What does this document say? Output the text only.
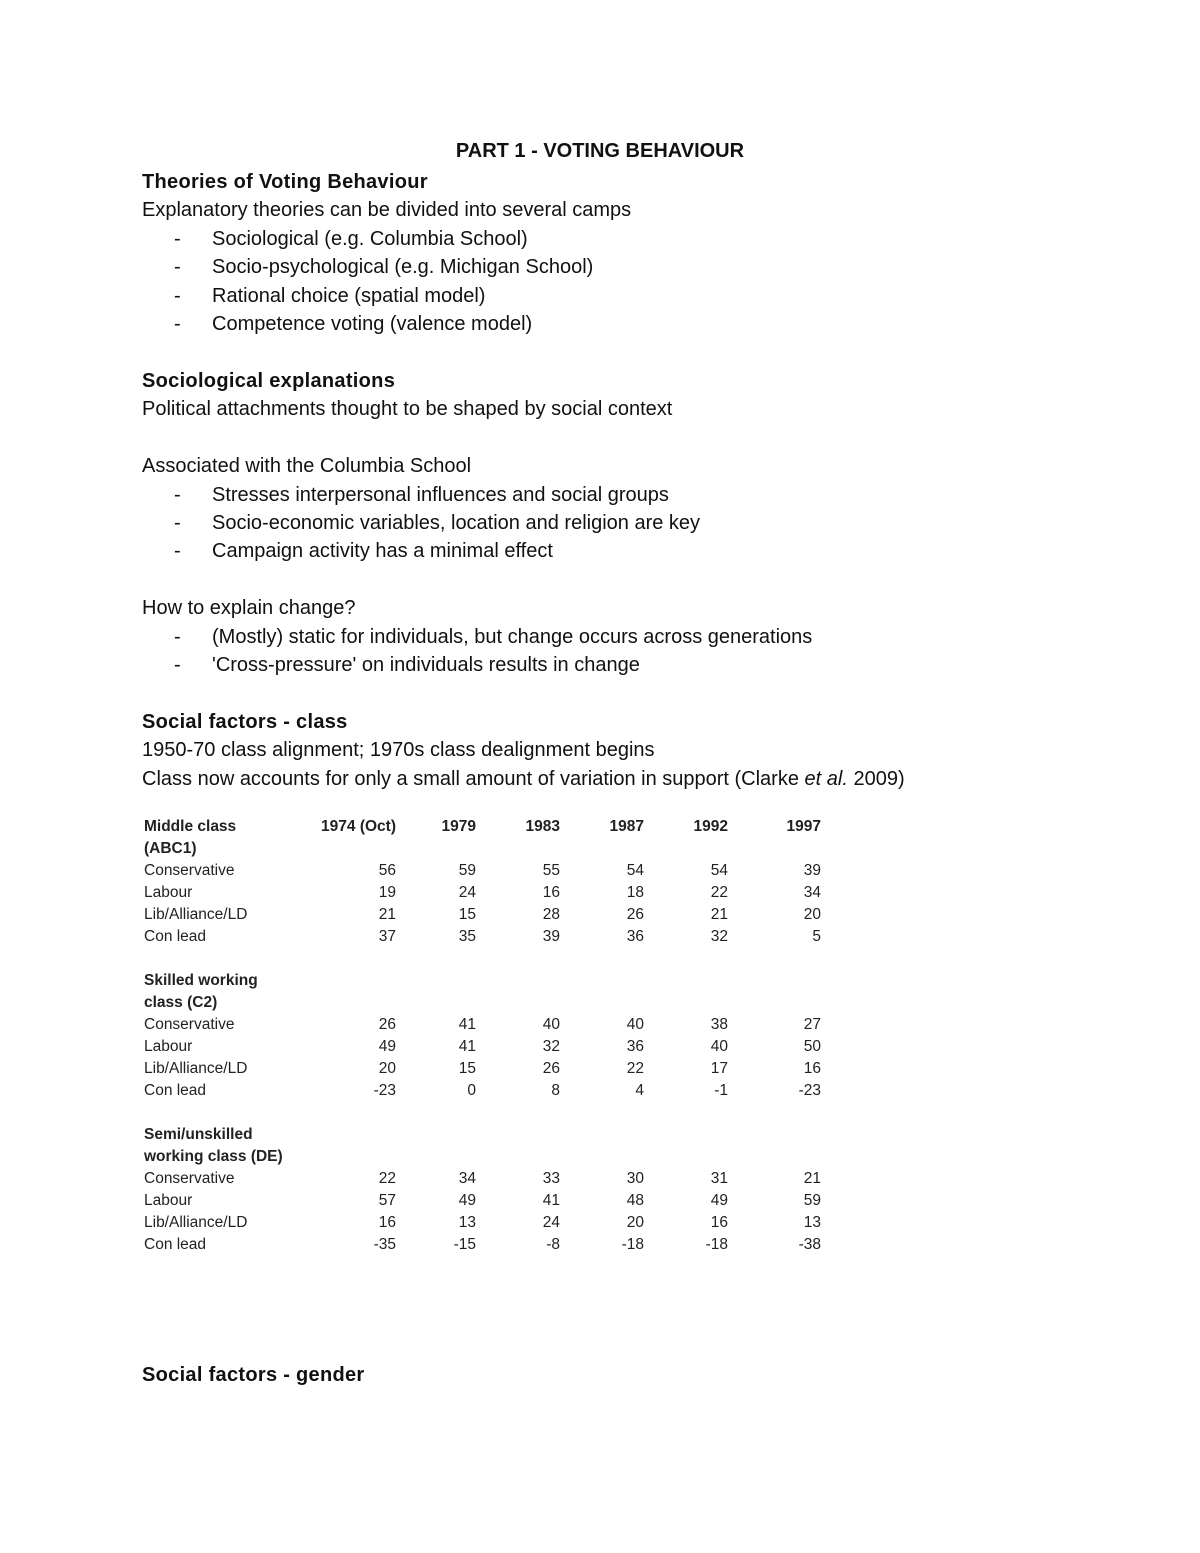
PART 1 - VOTING BEHAVIOUR
Theories of Voting Behaviour
Explanatory theories can be divided into several camps
- Sociological (e.g. Columbia School)
- Socio-psychological (e.g. Michigan School)
- Rational choice (spatial model)
- Competence voting (valence model)
Sociological explanations
Political attachments thought to be shaped by social context
Associated with the Columbia School
- Stresses interpersonal influences and social groups
- Socio-economic variables, location and religion are key
- Campaign activity has a minimal effect
How to explain change?
- (Mostly) static for individuals, but change occurs across generations
- 'Cross-pressure' on individuals results in change
Social factors - class
1950-70 class alignment; 1970s class dealignment begins
Class now accounts for only a small amount of variation in support (Clarke et al. 2009)
Middle class	1974 (Oct)	1979	1983	1987	1992	1997
(ABC1)
Conservative	56	59	55	54	54	39
Labour	19	24	16	18	22	34
Lib/Alliance/LD	21	15	28	26	21	20
Con lead	37	35	39	36	32	5
Skilled working
class (C2)
Conservative	26	41	40	40	38	27
Labour	49	41	32	36	40	50
Lib/Alliance/LD	20	15	26	22	17	16
Con lead	-23	0	8	4	-1	-23
Semi/unskilled
working class (DE)
Conservative	22	34	33	30	31	21
Labour	57	49	41	48	49	59
Lib/Alliance/LD	16	13	24	20	16	13
Con lead	-35	-15	-8	-18	-18	-38
Social factors - gender
